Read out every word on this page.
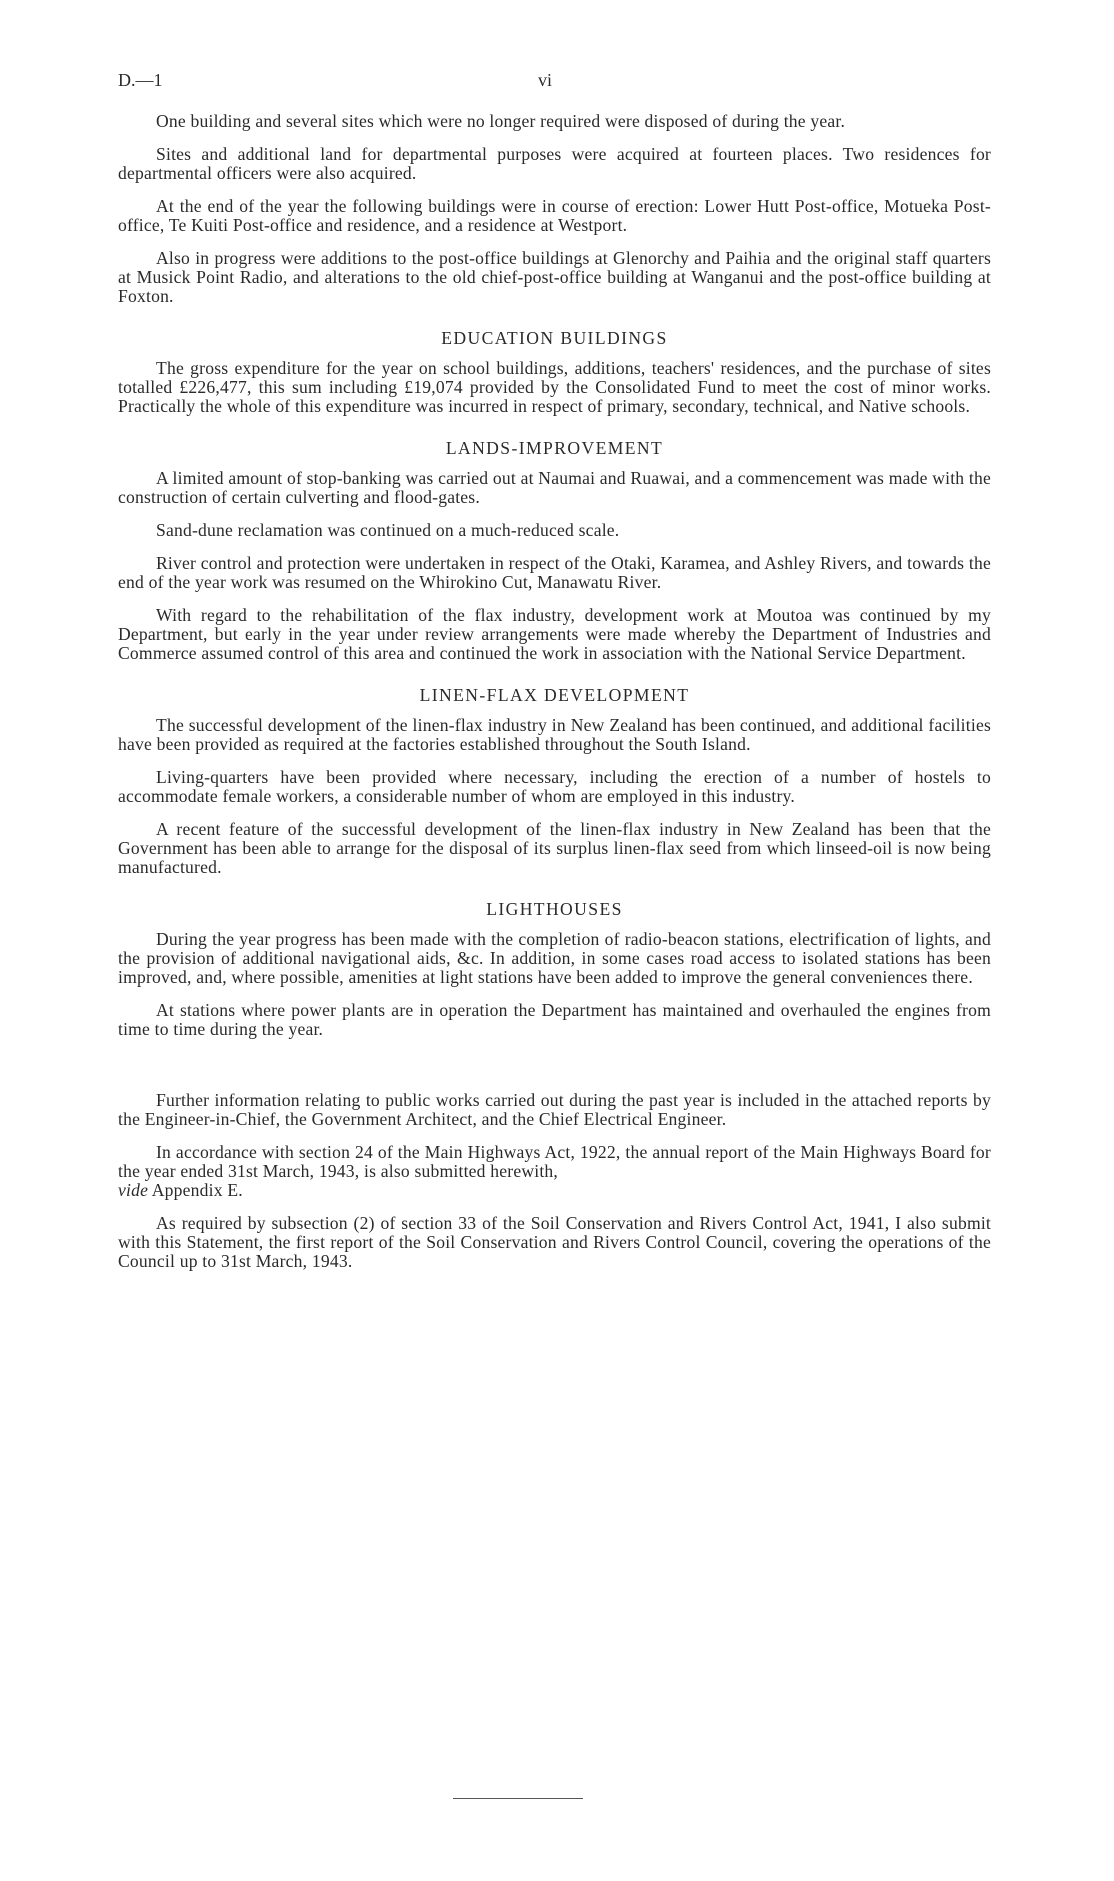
D.—1	vi

One building and several sites which were no longer required were disposed of during the year.

Sites and additional land for departmental purposes were acquired at fourteen places. Two residences for departmental officers were also acquired.

At the end of the year the following buildings were in course of erection: Lower Hutt Post-office, Motueka Post-office, Te Kuiti Post-office and residence, and a residence at Westport.

Also in progress were additions to the post-office buildings at Glenorchy and Paihia and the original staff quarters at Musick Point Radio, and alterations to the old chief-post-office building at Wanganui and the post-office building at Foxton.

EDUCATION BUILDINGS

The gross expenditure for the year on school buildings, additions, teachers' residences, and the purchase of sites totalled £226,477, this sum including £19,074 provided by the Consolidated Fund to meet the cost of minor works. Practically the whole of this expenditure was incurred in respect of primary, secondary, technical, and Native schools.

LANDS-IMPROVEMENT

A limited amount of stop-banking was carried out at Naumai and Ruawai, and a commencement was made with the construction of certain culverting and flood-gates.

Sand-dune reclamation was continued on a much-reduced scale.

River control and protection were undertaken in respect of the Otaki, Karamea, and Ashley Rivers, and towards the end of the year work was resumed on the Whirokino Cut, Manawatu River.

With regard to the rehabilitation of the flax industry, development work at Moutoa was continued by my Department, but early in the year under review arrangements were made whereby the Department of Industries and Commerce assumed control of this area and continued the work in association with the National Service Department.

LINEN-FLAX DEVELOPMENT

The successful development of the linen-flax industry in New Zealand has been continued, and additional facilities have been provided as required at the factories established throughout the South Island.

Living-quarters have been provided where necessary, including the erection of a number of hostels to accommodate female workers, a considerable number of whom are employed in this industry.

A recent feature of the successful development of the linen-flax industry in New Zealand has been that the Government has been able to arrange for the disposal of its surplus linen-flax seed from which linseed-oil is now being manufactured.

LIGHTHOUSES

During the year progress has been made with the completion of radio-beacon stations, electrification of lights, and the provision of additional navigational aids, &c. In addition, in some cases road access to isolated stations has been improved, and, where possible, amenities at light stations have been added to improve the general conveniences there.

At stations where power plants are in operation the Department has maintained and overhauled the engines from time to time during the year.

Further information relating to public works carried out during the past year is included in the attached reports by the Engineer-in-Chief, the Government Architect, and the Chief Electrical Engineer.

In accordance with section 24 of the Main Highways Act, 1922, the annual report of the Main Highways Board for the year ended 31st March, 1943, is also submitted herewith,
vide Appendix E.

As required by subsection (2) of section 33 of the Soil Conservation and Rivers Control Act, 1941, I also submit with this Statement, the first report of the Soil Conservation and Rivers Control Council, covering the operations of the Council up to 31st March, 1943.
